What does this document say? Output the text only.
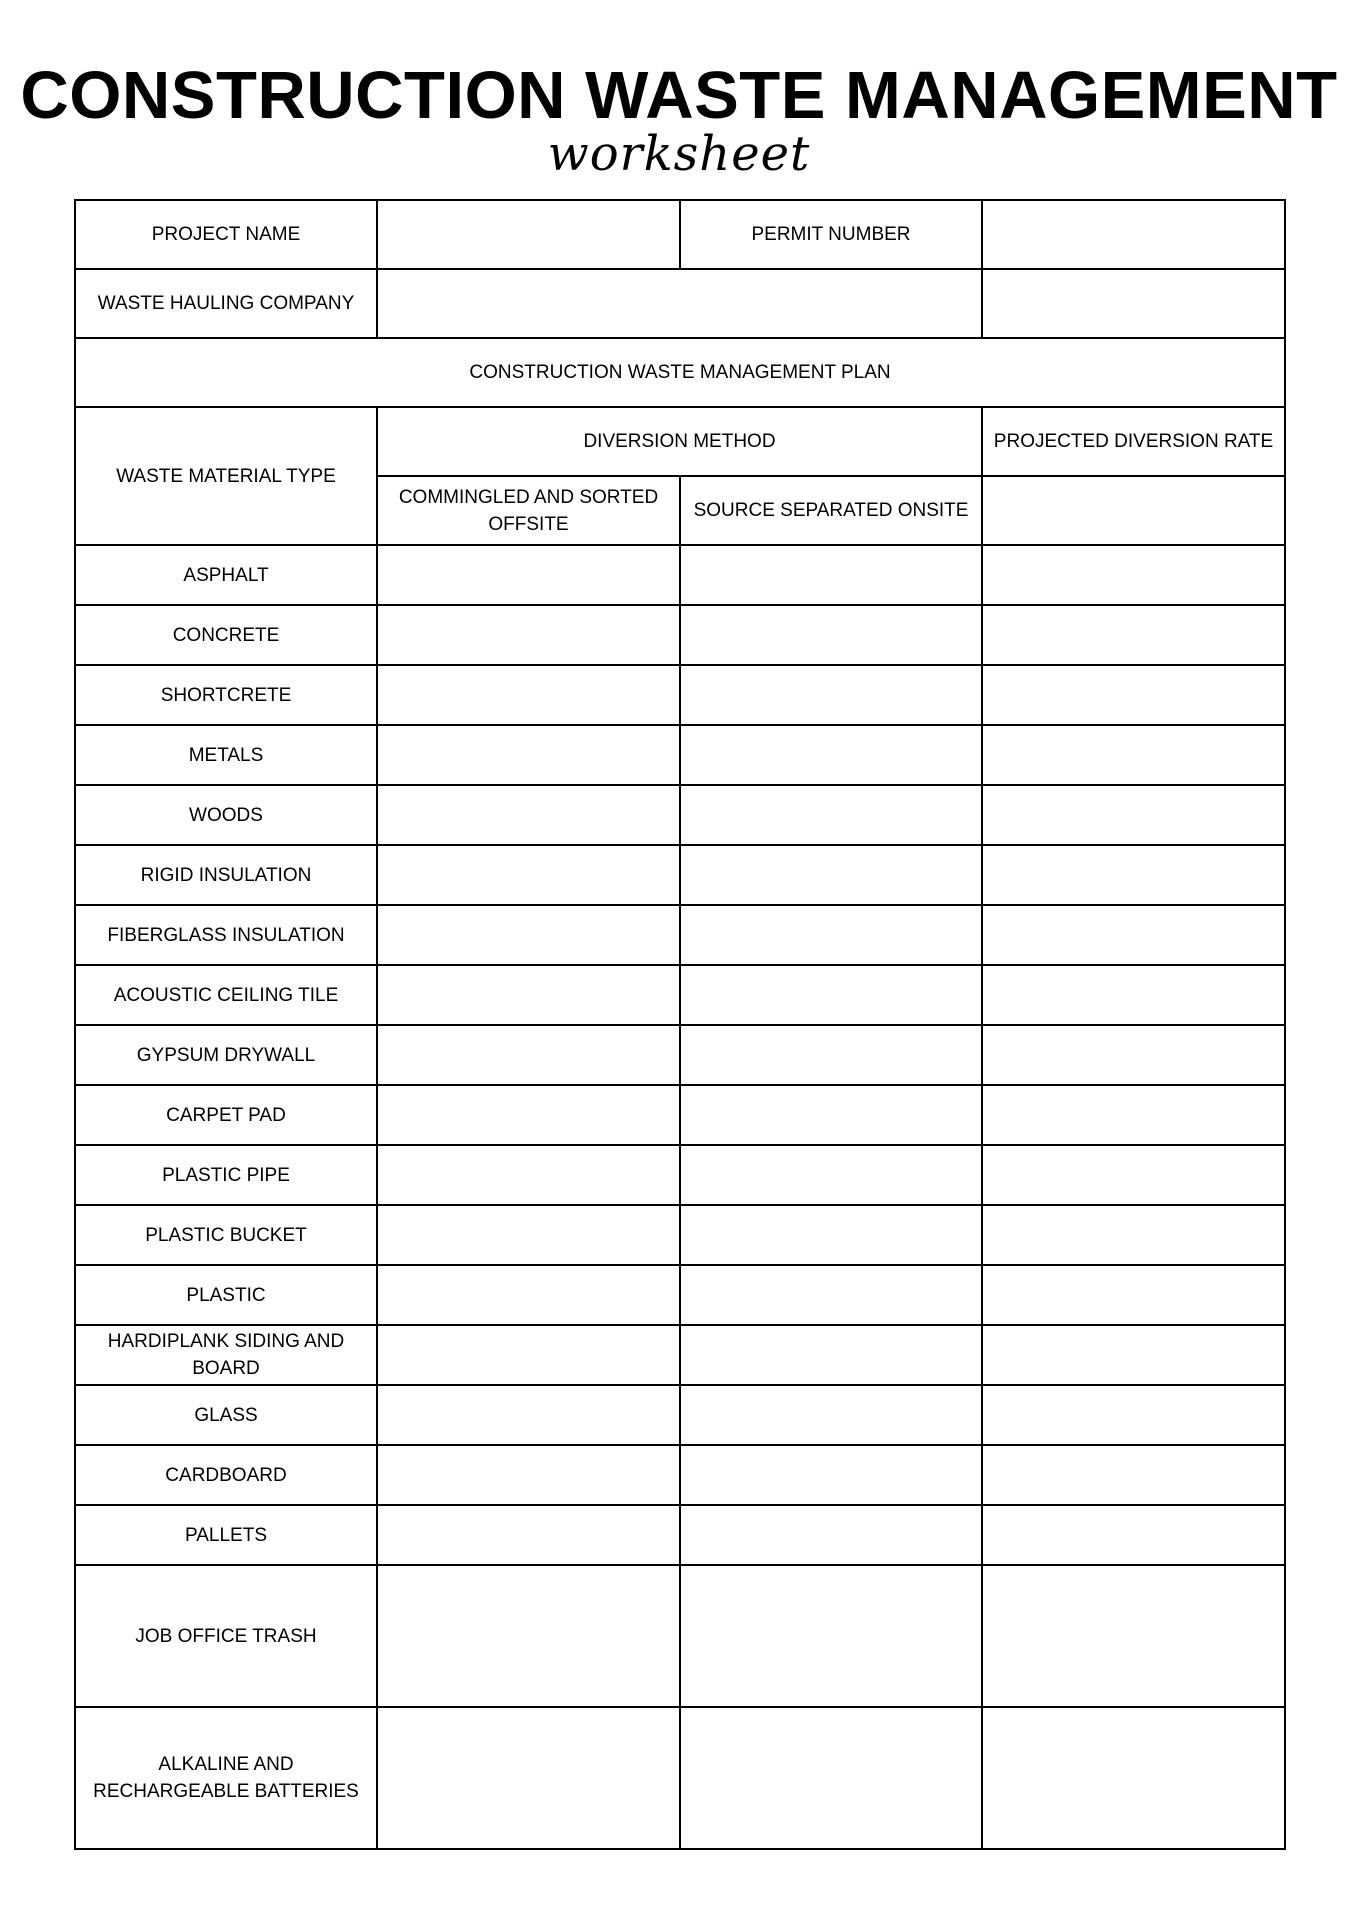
CONSTRUCTION WASTE MANAGEMENT
worksheet
PROJECT NAME		PERMIT NUMBER	
WASTE HAULING COMPANY			
CONSTRUCTION WASTE MANAGEMENT PLAN			
WASTE MATERIAL TYPE	DIVERSION METHOD		PROJECTED DIVERSION RATE
	COMMINGLED AND SORTED OFFSITE	SOURCE SEPARATED ONSITE	
ASPHALT			
CONCRETE			
SHORTCRETE			
METALS			
WOODS			
RIGID INSULATION			
FIBERGLASS INSULATION			
ACOUSTIC CEILING TILE			
GYPSUM DRYWALL			
CARPET PAD			
PLASTIC PIPE			
PLASTIC BUCKET			
PLASTIC			
HARDIPLANK SIDING AND BOARD			
GLASS			
CARDBOARD			
PALLETS			
JOB OFFICE TRASH			
ALKALINE AND RECHARGEABLE BATTERIES			
